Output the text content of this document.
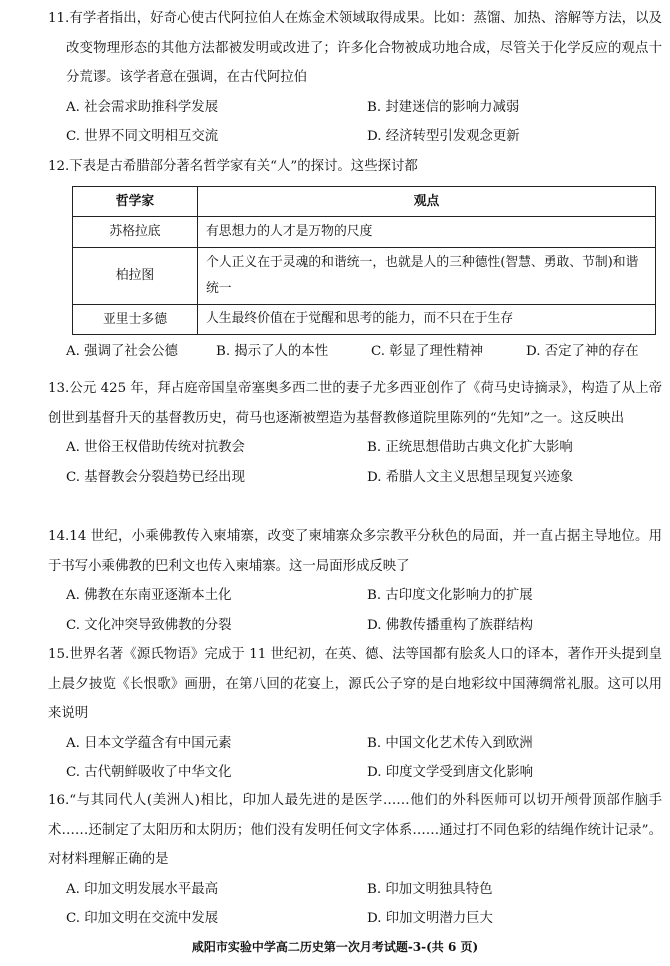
11.有学者指出，好奇心使古代阿拉伯人在炼金术领域取得成果。比如：蒸馏、加热、溶解等方法，以及改变物理形态的其他方法都被发明或改进了；许多化合物被成功地合成，尽管关于化学反应的观点十分荒谬。该学者意在强调，在古代阿拉伯

A. 社会需求助推科学发展	B. 封建迷信的影响力减弱
C. 世界不同文明相互交流	D. 经济转型引发观念更新

12.下表是古希腊部分著名哲学家有关“人”的探讨。这些探讨都

哲学家	观点
苏格拉底	有思想力的人才是万物的尺度
柏拉图	个人正义在于灵魂的和谐统一，也就是人的三种德性(智慧、勇敢、节制)和谐统一
亚里士多德	人生最终价值在于觉醒和思考的能力，而不只在于生存
A. 强调了社会公德	B. 揭示了人的本性	C. 彰显了理性精神	D. 否定了神的存在

13.公元 425 年，拜占庭帝国皇帝塞奥多西二世的妻子尤多西亚创作了《荷马史诗摘录》，构造了从上帝创世到基督升天的基督教历史，荷马也逐渐被塑造为基督教修道院里陈列的“先知”之一。这反映出

A. 世俗王权借助传统对抗教会	B. 正统思想借助古典文化扩大影响
C. 基督教会分裂趋势已经出现	D. 希腊人文主义思想呈现复兴迹象

14.14 世纪，小乘佛教传入柬埔寨，改变了柬埔寨众多宗教平分秋色的局面，并一直占据主导地位。用于书写小乘佛教的巴利文也传入柬埔寨。这一局面形成反映了

A. 佛教在东南亚逐渐本土化	B. 古印度文化影响力的扩展
C. 文化冲突导致佛教的分裂	D. 佛教传播重构了族群结构

15.世界名著《源氏物语》完成于 11 世纪初，在英、德、法等国都有脍炙人口的译本，著作开头提到皇上晨夕披览《长恨歌》画册，在第八回的花宴上，源氏公子穿的是白地彩纹中国薄绸常礼服。这可以用来说明

A. 日本文学蕴含有中国元素	B. 中国文化艺术传入到欧洲
C. 古代朝鲜吸收了中华文化	D. 印度文学受到唐文化影响

16.“与其同代人(美洲人)相比，印加人最先进的是医学……他们的外科医师可以切开颅骨顶部作脑手术……还制定了太阳历和太阴历；他们没有发明任何文字体系……通过打不同色彩的结绳作统计记录”。对材料理解正确的是

A. 印加文明发展水平最高	B. 印加文明独具特色
C. 印加文明在交流中发展	D. 印加文明潜力巨大
咸阳市实验中学高二历史第一次月考试题-3-(共 6 页)
